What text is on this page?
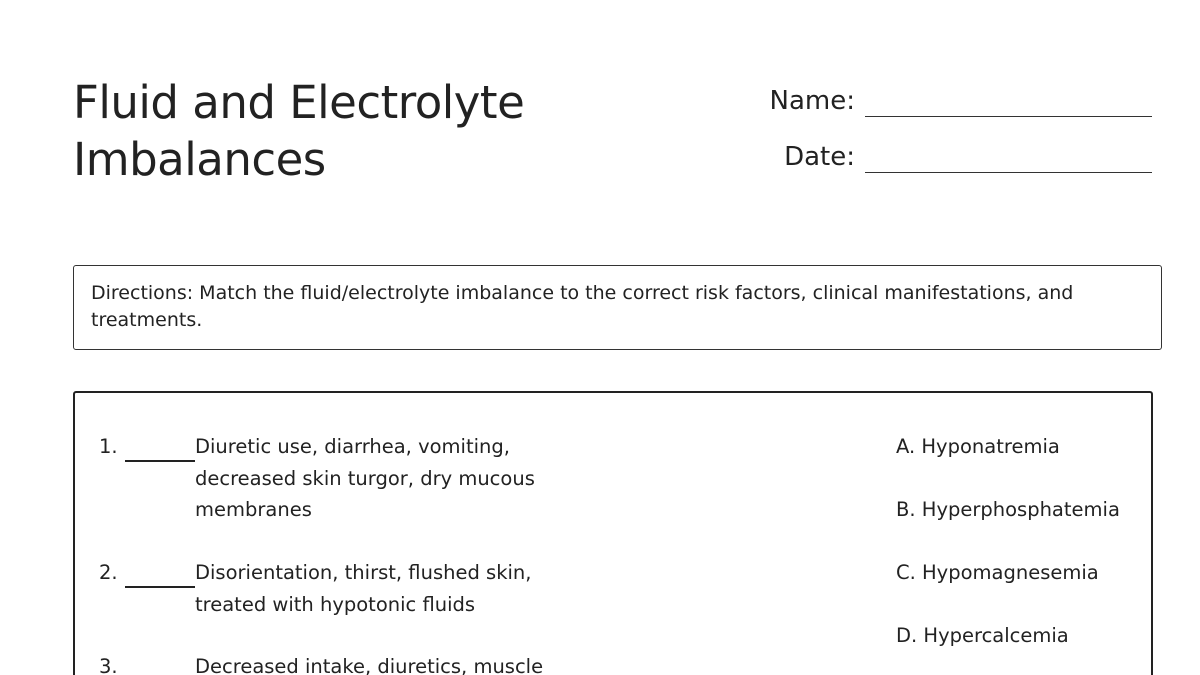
Fluid and Electrolyte Imbalances
Name:
Date:
Directions: Match the fluid/electrolyte imbalance to the correct risk factors, clinical manifestations, and treatments.
1.	Diuretic use, diarrhea, vomiting, decreased skin turgor, dry mucous membranes
2.	Disorientation, thirst, flushed skin, treated with hypotonic fluids
3.	Decreased intake, diuretics, muscle
A. Hyponatremia
B. Hyperphosphatemia
C. Hypomagnesemia
D. Hypercalcemia
